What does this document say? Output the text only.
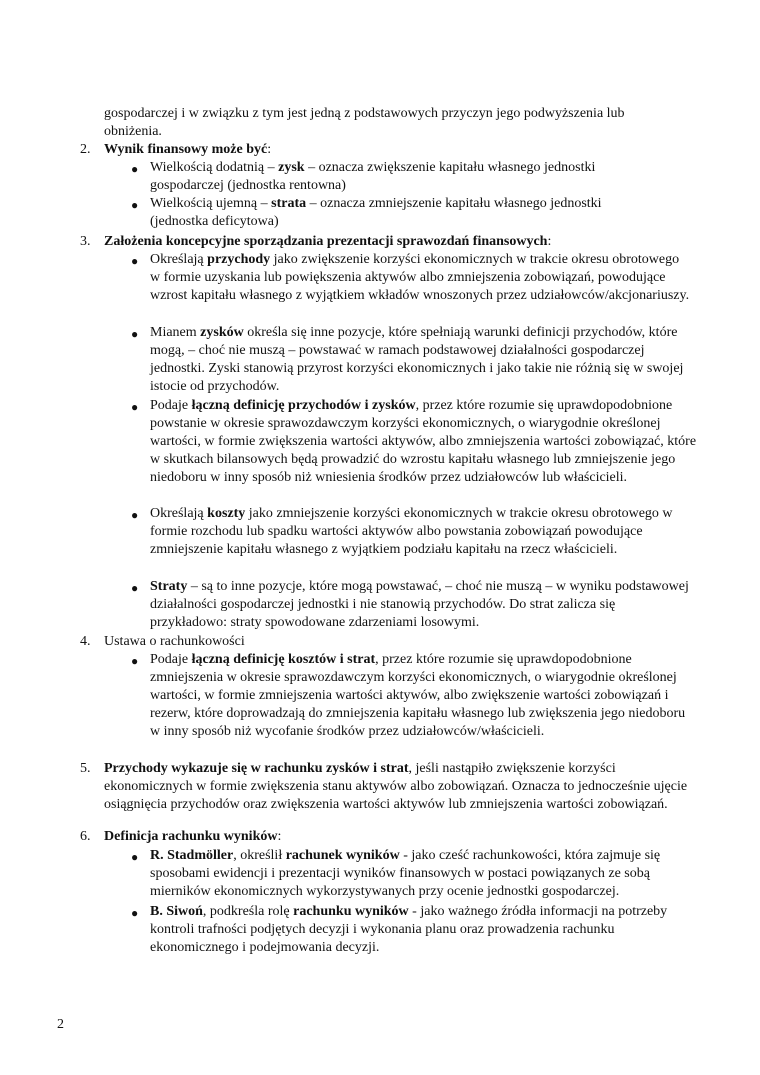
gospodarczej i w związku z tym jest jedną z podstawowych przyczyn jego podwyższenia lub
obniżenia.
2. Wynik finansowy może być:
● Wielkością dodatnią – zysk – oznacza zwiększenie kapitału własnego jednostki gospodarczej (jednostka rentowna)
● Wielkością ujemną – strata – oznacza zmniejszenie kapitału własnego jednostki (jednostka deficytowa)
3. Założenia koncepcyjne sporządzania prezentacji sprawozdań finansowych:
● Określają przychody jako zwiększenie korzyści ekonomicznych w trakcie okresu obrotowego w formie uzyskania lub powiększenia aktywów albo zmniejszenia zobowiązań, powodujące wzrost kapitału własnego z wyjątkiem wkładów wnoszonych przez udziałowców/akcjonariuszy.
● Mianem zysków określa się inne pozycje, które spełniają warunki definicji przychodów, które mogą, – choć nie muszą – powstawać w ramach podstawowej działalności gospodarczej jednostki. Zyski stanowią przyrost korzyści ekonomicznych i jako takie nie różnią się w swojej istocie od przychodów.
● Podaje łączną definicję przychodów i zysków, przez które rozumie się uprawdopodobnione powstanie w okresie sprawozdawczym korzyści ekonomicznych, o wiarygodnie określonej wartości, w formie zwiększenia wartości aktywów, albo zmniejszenia wartości zobowiązać, które w skutkach bilansowych będą prowadzić do wzrostu kapitału własnego lub zmniejszenie jego niedoboru w inny sposób niż wniesienia środków przez udziałowców lub właścicieli.
● Określają koszty jako zmniejszenie korzyści ekonomicznych w trakcie okresu obrotowego w formie rozchodu lub spadku wartości aktywów albo powstania zobowiązań powodujące zmniejszenie kapitału własnego z wyjątkiem podziału kapitału na rzecz właścicieli.
● Straty – są to inne pozycje, które mogą powstawać, – choć nie muszą – w wyniku podstawowej działalności gospodarczej jednostki i nie stanowią przychodów. Do strat zalicza się przykładowo: straty spowodowane zdarzeniami losowymi.
4. Ustawa o rachunkowości
● Podaje łączną definicję kosztów i strat, przez które rozumie się uprawdopodobnione zmniejszenia w okresie sprawozdawczym korzyści ekonomicznych, o wiarygodnie określonej wartości, w formie zmniejszenia wartości aktywów, albo zwiększenie wartości zobowiązań i rezerw, które doprowadzają do zmniejszenia kapitału własnego lub zwiększenia jego niedoboru w inny sposób niż wycofanie środków przez udziałowców/właścicieli.
5. Przychody wykazuje się w rachunku zysków i strat, jeśli nastąpiło zwiększenie korzyści ekonomicznych w formie zwiększenia stanu aktywów albo zobowiązań. Oznacza to jednocześnie ujęcie osiągnięcia przychodów oraz zwiększenia wartości aktywów lub zmniejszenia wartości zobowiązań.
6. Definicja rachunku wyników:
● R. Stadmöller, określił rachunek wyników - jako cześć rachunkowości, która zajmuje się sposobami ewidencji i prezentacji wyników finansowych w postaci powiązanych ze sobą mierników ekonomicznych wykorzystywanych przy ocenie jednostki gospodarczej.
● B. Siwoń, podkreśla rolę rachunku wyników - jako ważnego źródła informacji na potrzeby kontroli trafności podjętych decyzji i wykonania planu oraz prowadzenia rachunku ekonomicznego i podejmowania decyzji.
2
